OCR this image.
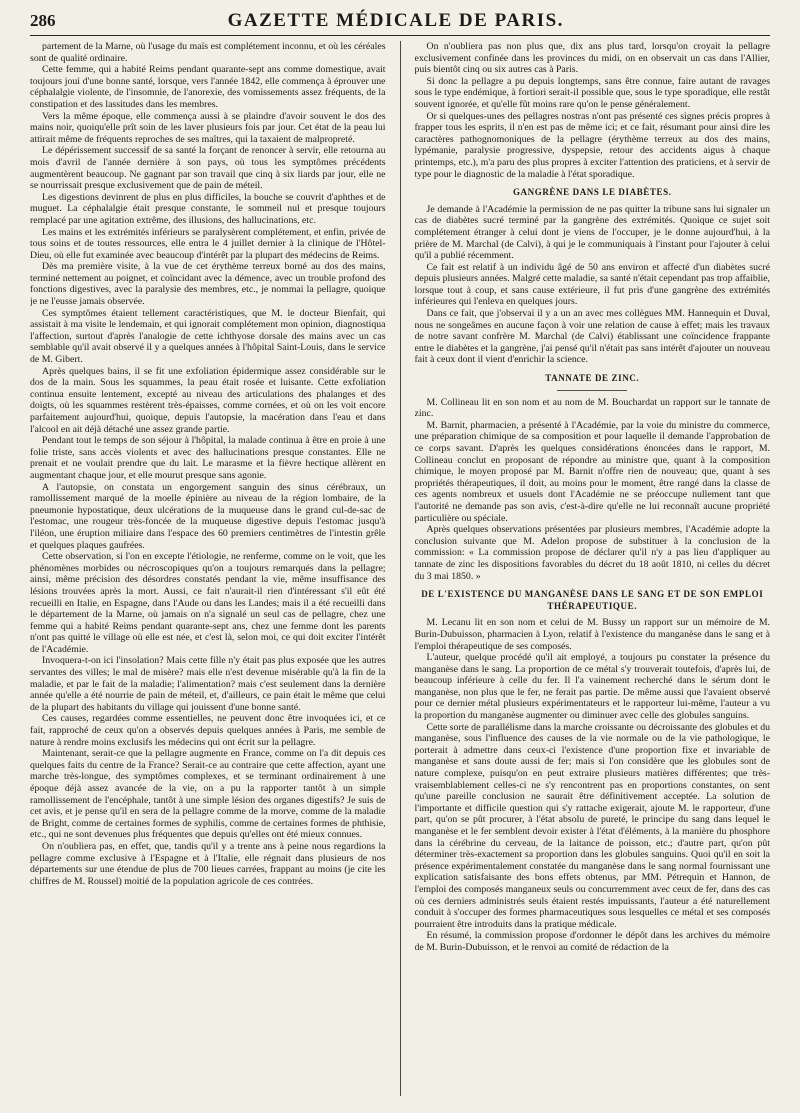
286	GAZETTE MÉDICALE DE PARIS.

partement de la Marne, où l'usage du maïs est complétement inconnu, et où les céréales sont de qualité ordinaire.

Cette femme, qui a habité Reims pendant quarante-sept ans comme domestique, avait toujours joui d'une bonne santé, lorsque, vers l'année 1842, elle commença à éprouver une céphalalgie violente, de l'insomnie, de l'anorexie, des vomissements assez fréquents, de la constipation et des lassitudes dans les membres.

Vers la même époque, elle commença aussi à se plaindre d'avoir souvent le dos des mains noir, quoiqu'elle prît soin de les laver plusieurs fois par jour. Cet état de la peau lui attirait même de fréquents reproches de ses maîtres, qui la taxaient de malpropreté.

Le dépérissement successif de sa santé la forçant de renoncer à servir, elle retourna au mois d'avril de l'année dernière à son pays, où tous les symptômes précédents augmentèrent beaucoup. Ne gagnant par son travail que cinq à six liards par jour, elle ne se nourrissait presque exclusivement que de pain de méteil.

Les digestions devinrent de plus en plus difficiles, la bouche se couvrit d'aphthes et de muguet. La céphalalgie était presque constante, le sommeil nul et presque toujours remplacé par une agitation extrême, des illusions, des hallucinations, etc.

Les mains et les extrémités inférieurs se paralysèrent complétement, et enfin, privée de tous soins et de toutes ressources, elle entra le 4 juillet dernier à la clinique de l'Hôtel-Dieu, où elle fut examinée avec beaucoup d'intérêt par la plupart des médecins de Reims.

Dès ma première visite, à la vue de cet érythème terreux borné au dos des mains, terminé nettement au poignet, et coïncidant avec la démence, avec un trouble profond des fonctions digestives, avec la paralysie des membres, etc., je nommai la pellagre, quoique je ne l'eusse jamais observée.

Ces symptômes étaient tellement caractéristiques, que M. le docteur Bienfait, qui assistait à ma visite le lendemain, et qui ignorait complétement mon opinion, diagnostiqua l'affection, surtout d'après l'analogie de cette ichthyose dorsale des mains avec un cas semblable qu'il avait observé il y a quelques années à l'hôpital Saint-Louis, dans le service de M. Gibert.

Après quelques bains, il se fit une exfoliation épidermique assez considérable sur le dos de la main. Sous les squammes, la peau était rosée et luisante. Cette exfoliation continua ensuite lentement, excepté au niveau des articulations des phalanges et des doigts, où les squammes restèrent très-épaisses, comme cornées, et où on les voit encore parfaitement aujourd'hui, quoique, depuis l'autopsie, la macération dans l'eau et dans l'alcool en ait déjà détaché une assez grande partie.

Pendant tout le temps de son séjour à l'hôpital, la malade continua à être en proie à une folie triste, sans accès violents et avec des hallucinations presque constantes. Elle ne prenait et ne voulait prendre que du lait. Le marasme et la fièvre hectique allèrent en augmentant chaque jour, et elle mourut presque sans agonie.

A l'autopsie, on constata un engorgement sanguin des sinus cérébraux, un ramollissement marqué de la moelle épinière au niveau de la région lombaire, de la pneumonie hypostatique, deux ulcérations de la muqueuse dans le grand cul-de-sac de l'estomac, une rougeur très-foncée de la muqueuse digestive depuis l'estomac jusqu'à l'iléon, une éruption miliaire dans l'espace des 60 premiers centimètres de l'intestin grêle et quelques plaques gaufrées.

Cette observation, si l'on en excepte l'étiologie, ne renferme, comme on le voit, que les phénomènes morbides ou nécroscopiques qu'on a toujours remarqués dans la pellagre; ainsi, même précision des désordres constatés pendant la vie, même insuffisance des lésions trouvées après la mort. Aussi, ce fait n'aurait-il rien d'intéressant s'il eût été recueilli en Italie, en Espagne, dans l'Aude ou dans les Landes; mais il a été recueilli dans le département de la Marne, où jamais on n'a signalé un seul cas de pellagre, chez une femme qui a habité Reims pendant quarante-sept ans, chez une femme dont les parents n'ont pas quitté le village où elle est née, et c'est là, selon moi, ce qui doit exciter l'intérêt de l'Académie.

Invoquera-t-on ici l'insolation? Mais cette fille n'y était pas plus exposée que les autres servantes des villes; le mal de misère? mais elle n'est devenue misérable qu'à la fin de la maladie, et par le fait de la maladie; l'alimentation? mais c'est seulement dans la dernière année qu'elle a été nourrie de pain de méteil, et, d'ailleurs, ce pain était le même que celui de la plupart des habitants du village qui jouissent d'une bonne santé.

Ces causes, regardées comme essentielles, ne peuvent donc être invoquées ici, et ce fait, rapproché de ceux qu'on a observés depuis quelques années à Paris, me semble de nature à rendre moins exclusifs les médecins qui ont écrit sur la pellagre.

Maintenant, serait-ce que la pellagre augmente en France, comme on l'a dit depuis ces quelques faits du centre de la France? Serait-ce au contraire que cette affection, ayant une marche très-longue, des symptômes complexes, et se terminant ordinairement à une époque déjà assez avancée de la vie, on a pu la rapporter tantôt à un simple ramollissement de l'encéphale, tantôt à une simple lésion des organes digestifs? Je suis de cet avis, et je pense qu'il en sera de la pellagre comme de la morve, comme de la maladie de Bright, comme de certaines formes de syphilis, comme de certaines formes de phthisie, etc., qui ne sont devenues plus fréquentes que depuis qu'elles ont été mieux connues.

On n'oubliera pas, en effet, que, tandis qu'il y a trente ans à peine nous regardions la pellagre comme exclusive à l'Espagne et à l'Italie, elle régnait dans plusieurs de nos départements sur une étendue de plus de 700 lieues carrées, frappant au moins (je cite les chiffres de M. Roussel) moitié de la population agricole de ces contrées.

On n'oubliera pas non plus que, dix ans plus tard, lorsqu'on croyait la pellagre exclusivement confinée dans les provinces du midi, on en observait un cas dans l'Allier, puis bientôt cinq ou six autres cas à Paris.

Si donc la pellagre a pu depuis longtemps, sans être connue, faire autant de ravages sous le type endémique, à fortiori serait-il possible que, sous le type sporadique, elle restât souvent ignorée, et qu'elle fût moins rare qu'on le pense généralement.

Or si quelques-unes des pellagres nostras n'ont pas présenté ces signes précis propres à frapper tous les esprits, il n'en est pas de même ici; et ce fait, résumant pour ainsi dire les caractères pathognomoniques de la pellagre (érythème terreux au dos des mains, lypémanie, paralysie progressive, dyspepsie, retour des accidents aigus à chaque printemps, etc.), m'a paru des plus propres à exciter l'attention des praticiens, et à servir de type pour le diagnostic de la maladie à l'état sporadique.

GANGRÈNE DANS LE DIABÈTES.

Je demande à l'Académie la permission de ne pas quitter la tribune sans lui signaler un cas de diabètes sucré terminé par la gangrène des extrémités. Quoique ce sujet soit complétement étranger à celui dont je viens de l'occuper, je le donne aujourd'hui, à la prière de M. Marchal (de Calvi), à qui je le communiquais à l'instant pour l'ajouter à celui qu'il a publié récemment.

Ce fait est relatif à un individu âgé de 50 ans environ et affecté d'un diabètes sucré depuis plusieurs années. Malgré cette maladie, sa santé n'était cependant pas trop affaiblie, lorsque tout à coup, et sans cause extérieure, il fut pris d'une gangrène des extrémités inférieures qui l'enleva en quelques jours.

Dans ce fait, que j'observai il y a un an avec mes collègues MM. Hannequin et Duval, nous ne songeâmes en aucune façon à voir une relation de cause à effet; mais les travaux de notre savant confrère M. Marchal (de Calvi) établissant une coïncidence frappante entre le diabètes et la gangrène, j'ai pensé qu'il n'était pas sans intérêt d'ajouter un nouveau fait à ceux dont il vient d'enrichir la science.

TANNATE DE ZINC.

M. Collineau lit en son nom et au nom de M. Bouchardat un rapport sur le tannate de zinc.

M. Barnit, pharmacien, a présenté à l'Académie, par la voie du ministre du commerce, une préparation chimique de sa composition et pour laquelle il demande l'approbation de ce corps savant. D'après les quelques considérations énoncées dans le rapport, M. Collineau conclut en proposant de répondre au ministre que, quant à la composition chimique, le moyen proposé par M. Barnit n'offre rien de nouveau; que, quant à ses propriétés thérapeutiques, il doit, au moins pour le moment, être rangé dans la classe de ces agents nombreux et usuels dont l'Académie ne se préoccupe nullement tant que l'autorité ne demande pas son avis, c'est-à-dire qu'elle ne lui reconnaît aucune propriété particulière ou spéciale.

Après quelques observations présentées par plusieurs membres, l'Académie adopte la conclusion suivante que M. Adelon propose de substituer à la conclusion de la commission: « La commission propose de déclarer qu'il n'y a pas lieu d'appliquer au tannate de zinc les dispositions favorables du décret du 18 août 1810, ni celles du décret du 3 mai 1850. »

DE L'EXISTENCE DU MANGANÈSE DANS LE SANG ET DE SON EMPLOI THÉRAPEUTIQUE.

M. Lecanu lit en son nom et celui de M. Bussy un rapport sur un mémoire de M. Burin-Dubuisson, pharmacien à Lyon, relatif à l'existence du manganèse dans le sang et à l'emploi thérapeutique de ses composés.

L'auteur, quelque procédé qu'il ait employé, a toujours pu constater la présence du manganèse dans le sang. La proportion de ce métal s'y trouverait toutefois, d'après lui, de beaucoup inférieure à celle du fer. Il l'a vainement recherché dans le sérum dont le manganèse, non plus que le fer, ne ferait pas partie. De même aussi que l'avaient observé pour ce dernier métal plusieurs expérimentateurs et le rapporteur lui-même, l'auteur a vu la proportion du manganèse augmenter ou diminuer avec celle des globules sanguins.

Cette sorte de parallélisme dans la marche croissante ou décroissante des globules et du manganèse, sous l'influence des causes de la vie normale ou de la vie pathologique, le porterait à admettre dans ceux-ci l'existence d'une proportion fixe et invariable de manganèse et sans doute aussi de fer; mais si l'on considère que les globules sont de nature complexe, puisqu'on en peut extraire plusieurs matières différentes; que très-vraisemblablement celles-ci ne s'y rencontrent pas en proportions constantes, on sent qu'une pareille conclusion ne saurait être définitivement acceptée. La solution de l'importante et difficile question qui s'y rattache exigerait, ajoute M. le rapporteur, d'une part, qu'on se pût procurer, à l'état absolu de pureté, le principe du sang dans lequel le manganèse et le fer semblent devoir exister à l'état d'éléments, à la manière du phosphore dans la cérébrine du cerveau, de la laitance de poisson, etc.; d'autre part, qu'on pût déterminer très-exactement sa proportion dans les globules sanguins. Quoi qu'il en soit la présence expérimentalement constatée du manganèse dans le sang normal fournissant une explication satisfaisante des bons effets obtenus, par MM. Pétrequin et Hannon, de l'emploi des composés manganeux seuls ou concurremment avec ceux de fer, dans des cas où ces derniers administrés seuls étaient restés impuissants, l'auteur a été naturellement conduit à s'occuper des formes pharmaceutiques sous lesquelles ce métal et ses composés pourraient être introduits dans la pratique médicale.

En résumé, la commission propose d'ordonner le dépôt dans les archives du mémoire de M. Burin-Dubuisson, et le renvoi au comité de rédaction de la
